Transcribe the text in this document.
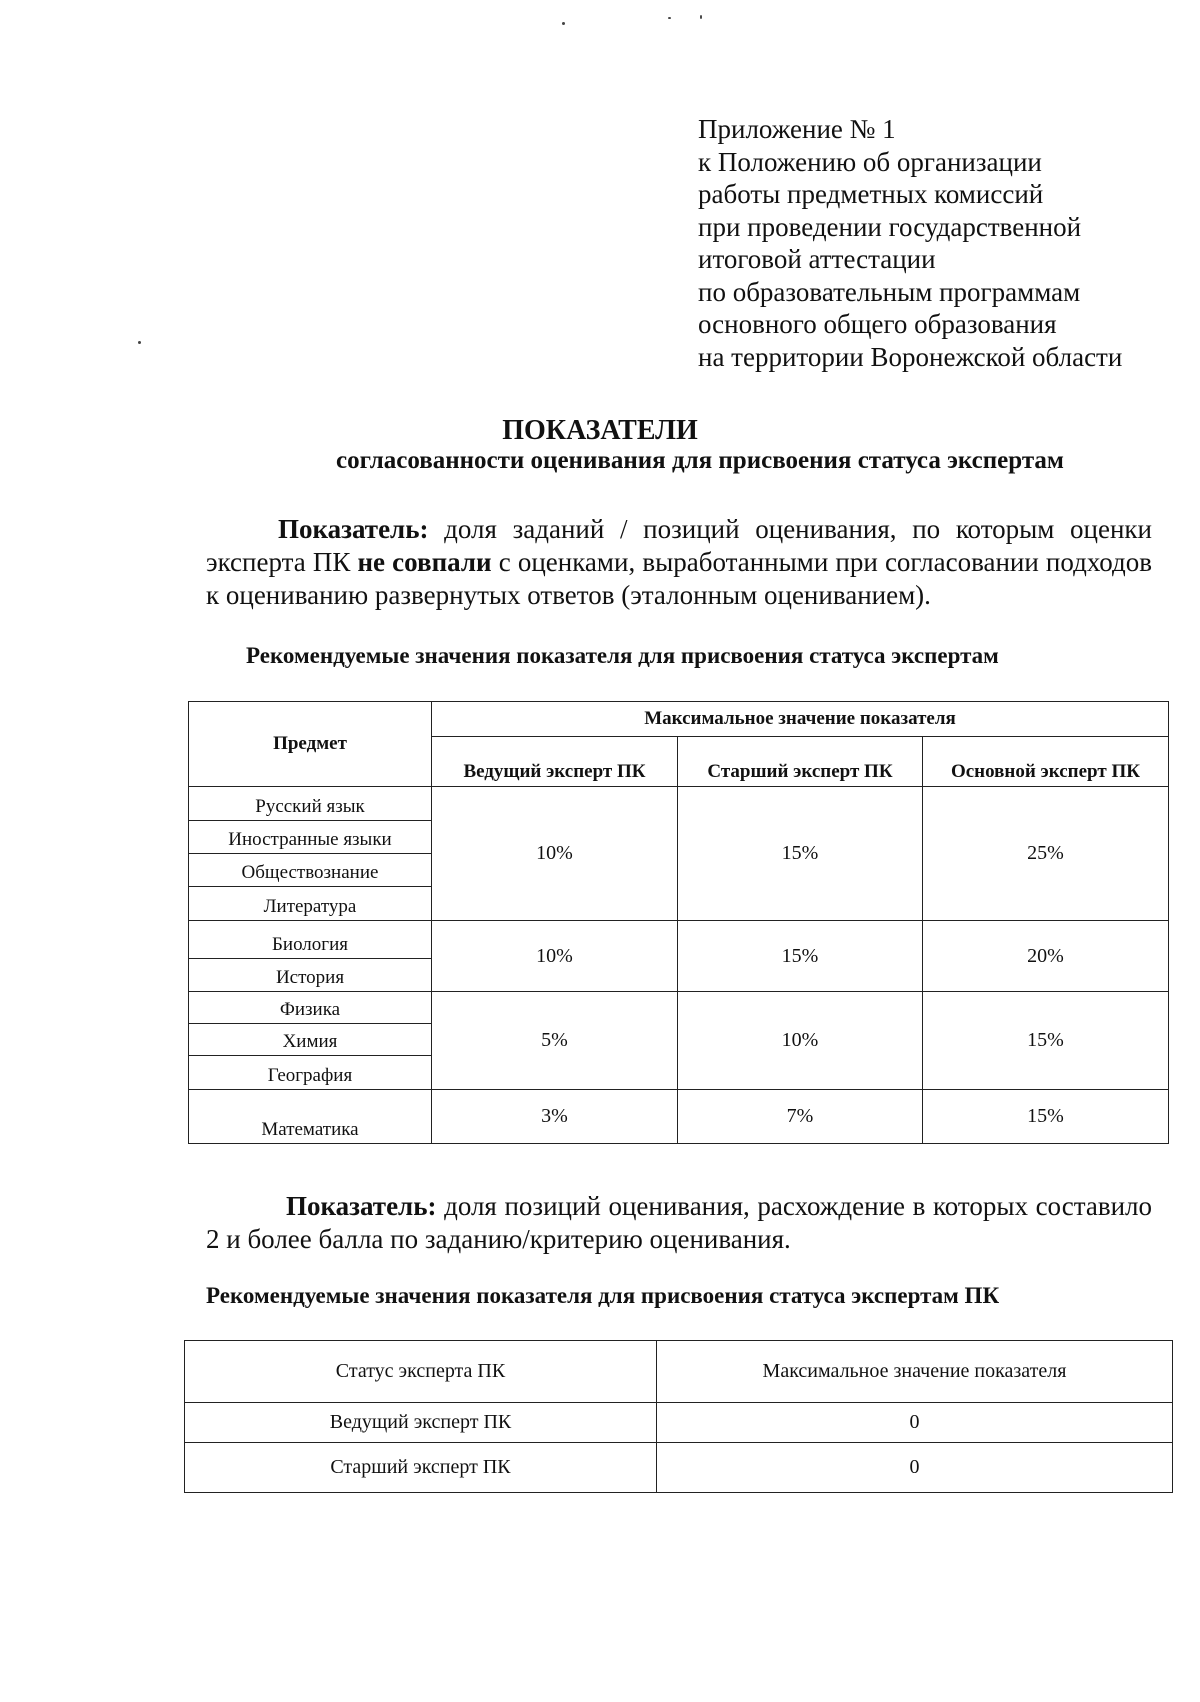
Приложение № 1
к Положению об организации
работы предметных комиссий
при проведении государственной
итоговой аттестации
по образовательным программам
основного общего образования
на территории Воронежской области
ПОКАЗАТЕЛИ
согласованности оценивания для присвоения статуса экспертам
Показатель: доля заданий / позиций оценивания, по которым оценки эксперта ПК не совпали с оценками, выработанными при согласовании подходов к оцениванию развернутых ответов (эталонным оцениванием).
Рекомендуемые значения показателя для присвоения статуса экспертам
Предмет	Максимальное значение показателя		
	Ведущий эксперт ПК	Старший эксперт ПК	Основной эксперт ПК
Русский язык	10%	15%	25%
Иностранные языки			
Обществознание			
Литература			
Биология	10%	15%	20%
История			
Физика	5%	10%	15%
Химия			
География			
Математика	3%	7%	15%
Показатель: доля позиций оценивания, расхождение в которых составило 2 и более балла по заданию/критерию оценивания.
Рекомендуемые значения показателя для присвоения статуса экспертам ПК
Статус эксперта ПК	Максимальное значение показателя
Ведущий эксперт ПК	0
Старший эксперт ПК	0
